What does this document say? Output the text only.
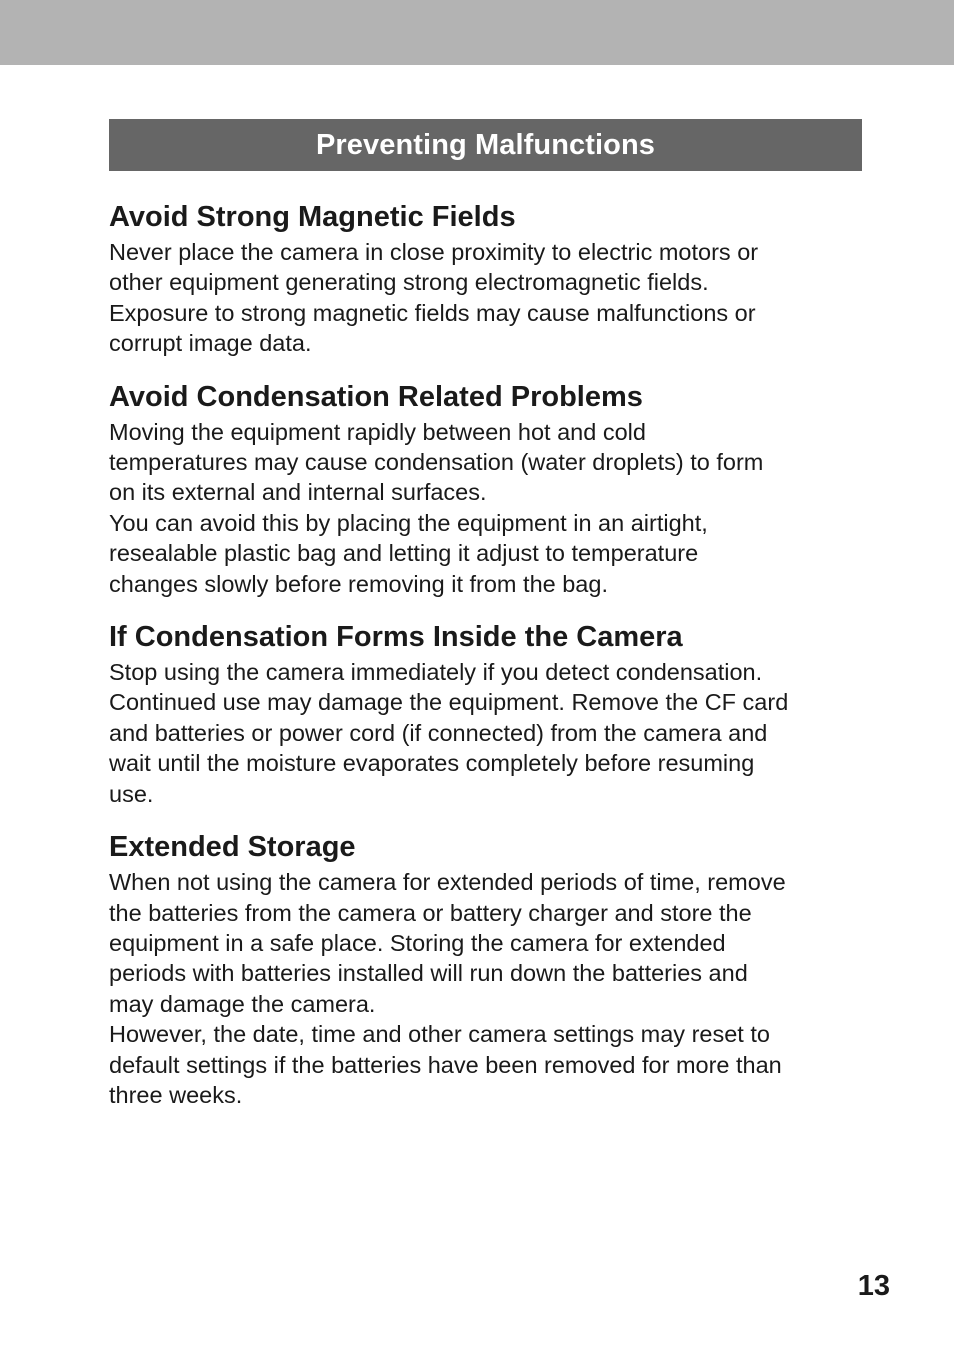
Preventing Malfunctions
Avoid Strong Magnetic Fields

Never place the camera in close proximity to electric motors or

other equipment generating strong electromagnetic fields.

Exposure to strong magnetic fields may cause malfunctions or

corrupt image data.

Avoid Condensation Related Problems

Moving the equipment rapidly between hot and cold

temperatures may cause condensation (water droplets) to form

on its external and internal surfaces.

You can avoid this by placing the equipment in an airtight,

resealable plastic bag and letting it adjust to temperature

changes slowly before removing it from the bag.

If Condensation Forms Inside the Camera

Stop using the camera immediately if you detect condensation.

Continued use may damage the equipment. Remove the CF card

and batteries or power cord (if connected) from the camera and

wait until the moisture evaporates completely before resuming

use.

Extended Storage

When not using the camera for extended periods of time, remove

the batteries from the camera or battery charger and store the

equipment in a safe place. Storing the camera for extended

periods with batteries installed will run down the batteries and

may damage the camera.

However, the date, time and other camera settings may reset to

default settings if the batteries have been removed for more than

three weeks.

13
